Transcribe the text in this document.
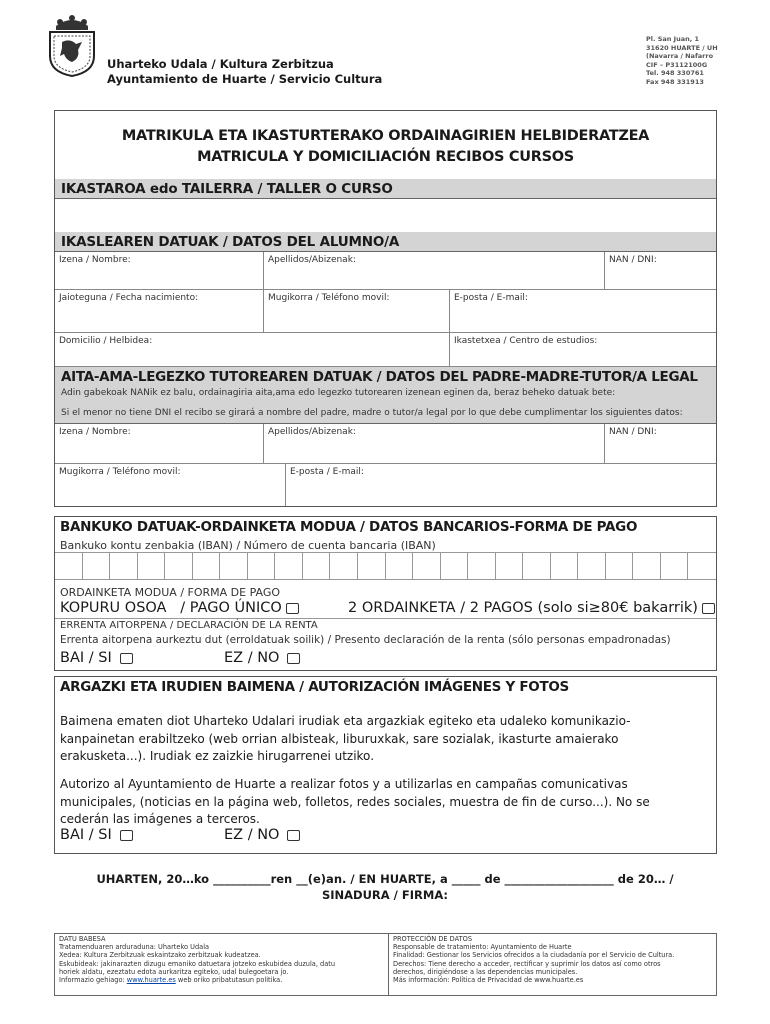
Uharteko Udala / Kultura Zerbitzua
Ayuntamiento de Huarte / Servicio Cultura
Pl. San Juan, 1
31620 HUARTE / UH
(Navarra / Nafarro
CIF – P3112100G
Tel. 948 330761
Fax 948 331913
MATRIKULA ETA IKASTURTERAKO ORDAINAGIRIEN HELBIDERATZEA
MATRICULA Y DOMICILIACIÓN RECIBOS CURSOS
IKASTAROA edo TAILERRA / TALLER O CURSO
IKASLEAREN DATUAK / DATOS DEL ALUMNO/A
Izena / Nombre:	Apellidos/Abizenak:	NAN / DNI:
Jaioteguna / Fecha nacimiento:	Mugikorra / Teléfono movil:	E-posta / E-mail:
Domicilio / Helbidea:	Ikastetxea / Centro de estudios:
AITA-AMA-LEGEZKO TUTOREAREN DATUAK / DATOS DEL PADRE-MADRE-TUTOR/A LEGAL
Adin gabekoak NANik ez balu, ordainagiria aita,ama edo legezko tutorearen izenean eginen da, beraz beheko datuak bete:
Si el menor no tiene DNI el recibo se girará a nombre del padre, madre o tutor/a legal por lo que debe cumplimentar los siguientes datos:
Izena / Nombre:	Apellidos/Abizenak:	NAN / DNI:
Mugikorra / Teléfono movil:	E-posta / E-mail:
BANKUKO DATUAK-ORDAINKETA MODUA / DATOS BANCARIOS-FORMA DE PAGO
Bankuko kontu zenbakia (IBAN) / Número de cuenta bancaria (IBAN)
ORDAINKETA MODUA / FORMA DE PAGO
KOPURU OSOA   / PAGO ÚNICO	2 ORDAINKETA / 2 PAGOS (solo si≥80€ bakarrik)
ERRENTA AITORPENA / DECLARACIÓN DE LA RENTA
Errenta aitorpena aurkeztu dut (erroldatuak soilik) / Presento declaración de la renta (sólo personas empadronadas)
BAI / SI	EZ / NO
ARGAZKI ETA IRUDIEN BAIMENA / AUTORIZACIÓN IMÁGENES Y FOTOS
Baimena ematen diot Uharteko Udalari irudiak eta argazkiak egiteko eta udaleko komunikazio-kanpainetan erabiltzeko (web orrian albisteak, liburuxkak, sare sozialak, ikasturte amaierako erakusketa...). Irudiak ez zaizkie hirugarrenei utziko.
Autorizo al Ayuntamiento de Huarte a realizar fotos y a utilizarlas en campañas comunicativas municipales, (noticias en la página web, folletos, redes sociales, muestra de fin de curso...). No se cederán las imágenes a terceros.
BAI / SI	EZ / NO
UHARTEN, 20…ko __________ren __(e)an. / EN HUARTE, a _____ de ___________________ de 20… /
SINADURA / FIRMA:
DATU BABESA
Tratamenduaren arduraduna: Uharteko Udala
Xedea: Kultura Zerbitzuak eskaintzako zerbitzuak kudeatzea.
Eskubideak: jakinarazten dizugu emaniko datuetara jotzeko eskubidea duzula, datu
horiek aldatu, ezeztatu edota aurkaritza egiteko, udal bulegoetara jo.
Informazio gehiago: www.huarte.es web oriko pribatutasun politika.
PROTECCIÓN DE DATOS
Responsable de tratamiento: Ayuntamiento de Huarte
Finalidad: Gestionar los Servicios ofrecidos a la ciudadanía por el Servicio de Cultura.
Derechos: Tiene derecho a acceder, rectificar y suprimir los datos así como otros
derechos, dirigiéndose a las dependencias municipales.
Más información: Política de Privacidad de www.huarte.es
